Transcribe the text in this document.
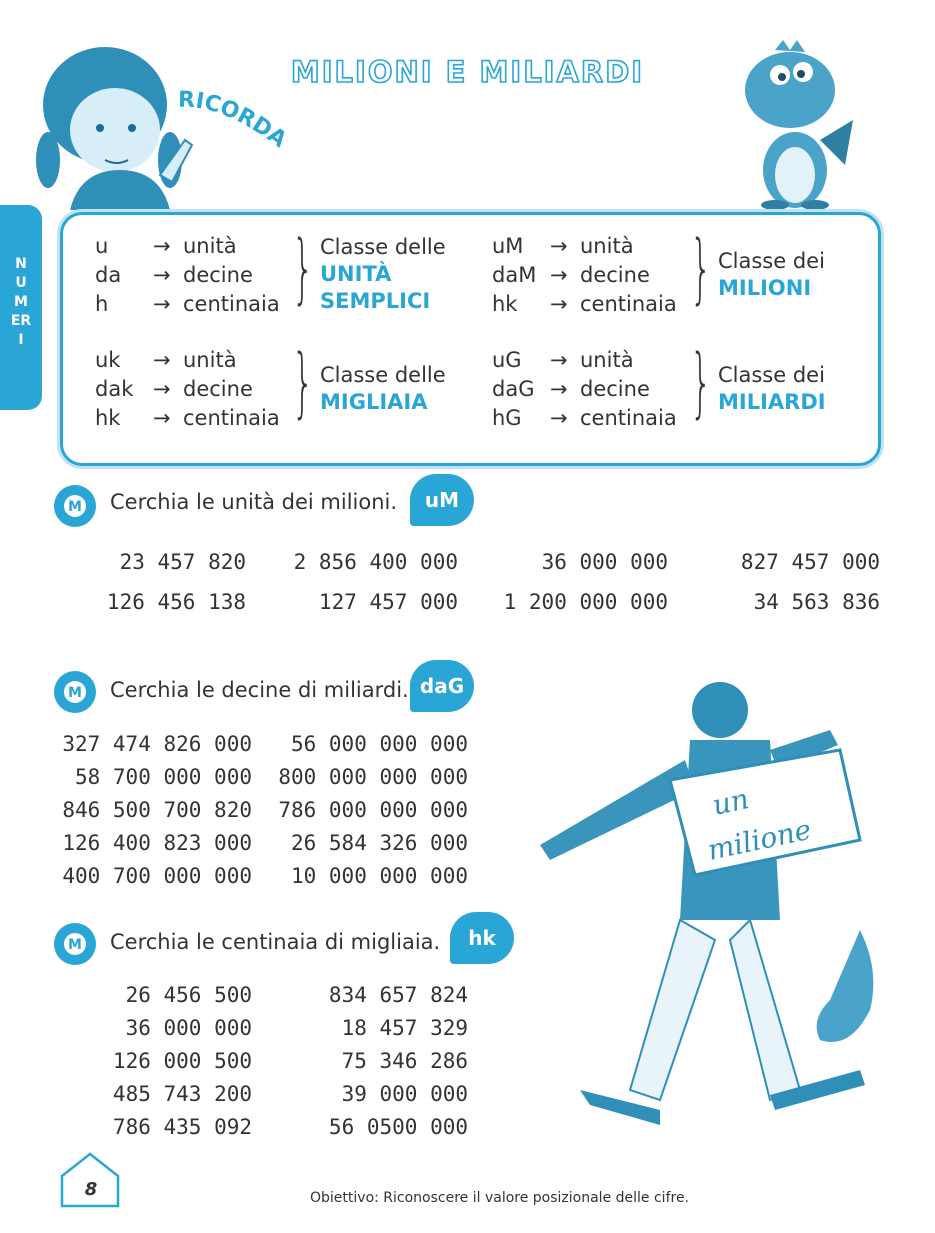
MILIONI E MILIARDI
NUMERI
RICORDA
u	→ unità
da	→ decine
h	→ centinaia } Classe delle
UNITÀ
SEMPLICI
uM	→ unità
daM → decine
hk	→ centinaia } Classe dei
MILIONI
uk	→ unità
dak → decine
hk	→ centinaia } Classe delle
MIGLIAIA
uG	→ unità
daG → decine
hG	→ centinaia } Classe dei
MILIARDI
M Cerchia le unità dei milioni.	uM
23 457 820	2 856 400 000	36 000 000	827 457 000
126 456 138	127 457 000	1 200 000 000	34 563 836
M Cerchia le decine di miliardi. daG
327 474 826 000	56 000 000 000
58 700 000 000	800 000 000 000
846 500 700 820	786 000 000 000
126 400 823 000	26 584 326 000
400 700 000 000	10 000 000 000
M Cerchia le centinaia di migliaia.	hk
26 456 500	834 657 824
36 000 000	18 457 329
126 000 500	75 346 286
485 743 200	39 000 000
786 435 092	56 0500 000
un
milione
8	Obiettivo: Riconoscere il valore posizionale delle cifre.
